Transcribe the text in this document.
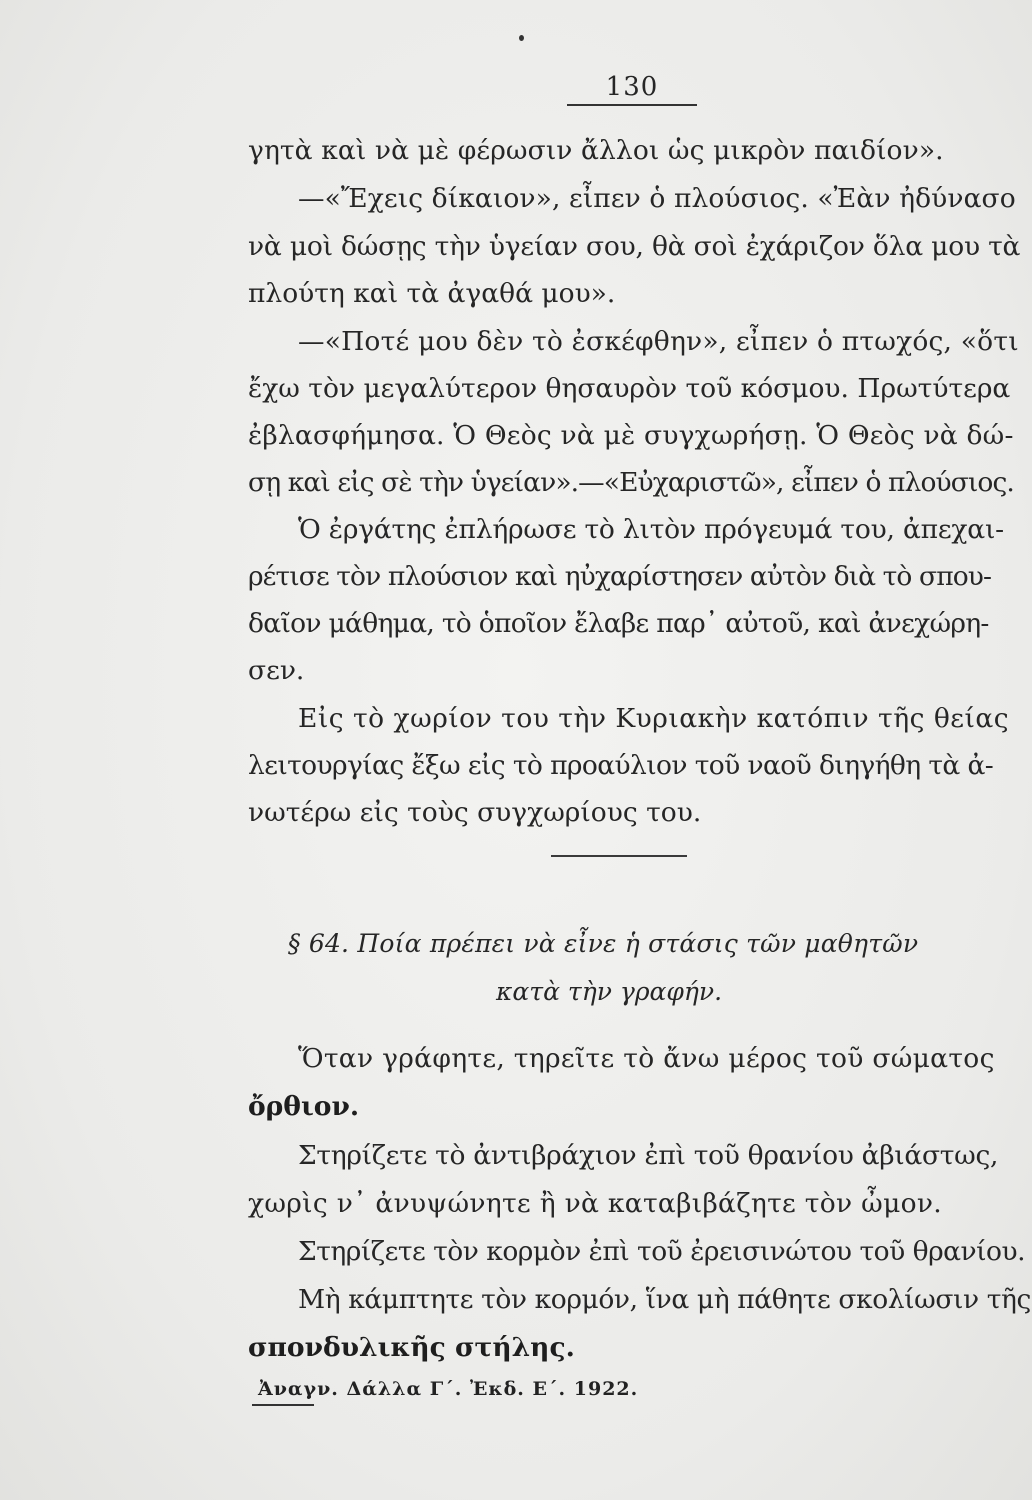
130
γητὰ καὶ νὰ μὲ φέρωσιν ἄλλοι ὡς μικρὸν παιδίον».
—«Ἔχεις δίκαιον», εἶπεν ὁ πλούσιος. «Ἐὰν ἠδύνασο
νὰ μοὶ δώσῃς τὴν ὑγείαν σου, θὰ σοὶ ἐχάριζον ὅλα μου τὰ
πλούτη καὶ τὰ ἀγαθά μου».
—«Ποτέ μου δὲν τὸ ἐσκέφθην», εἶπεν ὁ πτωχός, «ὅτι
ἔχω τὸν μεγαλύτερον θησαυρὸν τοῦ κόσμου. Πρωτύτερα
ἐβλασφήμησα. Ὁ Θεὸς νὰ μὲ συγχωρήσῃ. Ὁ Θεὸς νὰ δώ-
σῃ καὶ εἰς σὲ τὴν ὑγείαν».—«Εὐχαριστῶ», εἶπεν ὁ πλούσιος.
Ὁ ἐργάτης ἐπλήρωσε τὸ λιτὸν πρόγευμά του, ἀπεχαι-
ρέτισε τὸν πλούσιον καὶ ηὐχαρίστησεν αὐτὸν διὰ τὸ σπου-
δαῖον μάθημα, τὸ ὁποῖον ἔλαβε παρ᾽ αὐτοῦ, καὶ ἀνεχώρη-
σεν.
Εἰς τὸ χωρίον του τὴν Κυριακὴν κατόπιν τῆς θείας
λειτουργίας ἔξω εἰς τὸ προαύλιον τοῦ ναοῦ διηγήθη τὰ ἀ-
νωτέρω εἰς τοὺς συγχωρίους του.
§ 64. Ποία πρέπει νὰ εἶνε ἡ στάσις τῶν μαθητῶν
κατὰ τὴν γραφήν.
Ὅταν γράφητε, τηρεῖτε τὸ ἄνω μέρος τοῦ σώματος
ὄρθιον.
Στηρίζετε τὸ ἀντιβράχιον ἐπὶ τοῦ θρανίου ἀβιάστως,
χωρὶς ν᾽ ἀνυψώνητε ἢ νὰ καταβιβάζητε τὸν ὦμον.
Στηρίζετε τὸν κορμὸν ἐπὶ τοῦ ἐρεισινώτου τοῦ θρανίου.
Μὴ κάμπτητε τὸν κορμόν, ἵνα μὴ πάθητε σκολίωσιν τῆς
σπονδυλικῆς στήλης.
Ἀναγν. Δάλλα Γ΄. Ἐκδ. Ε΄. 1922.
